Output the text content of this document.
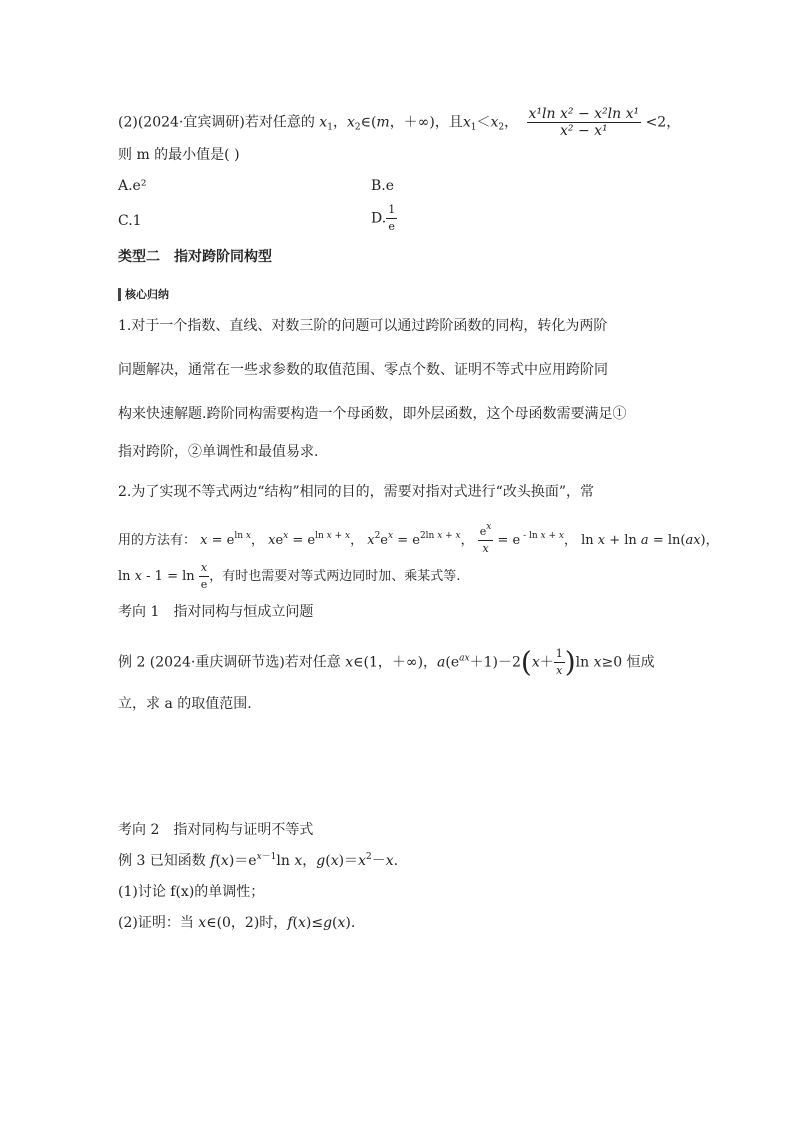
(2)(2024·宜宾调研)若对任意的 $x_1$，$x_2\in(m$，＋∞)，且$x_1<x_2$， $\frac{\text{x¹ln x² − x²ln x¹}}{\text{x² − x¹}} <2$，
则 m 的最小值是( )
A.e²	B.e
C.1	D. $\frac{1}{e}$
类型二　指对跨阶同构型
核心归纳
1.对于一个指数、直线、对数三阶的问题可以通过跨阶函数的同构，转化为两阶
问题解决，通常在一些求参数的取值范围、零点个数、证明不等式中应用跨阶同
构来快速解题.跨阶同构需要构造一个母函数，即外层函数，这个母函数需要满足①
指对跨阶，②单调性和最值易求.
2.为了实现不等式两边“结构”相同的目的，需要对指对式进行“改头换面”，常
用的方法有： $x = e^{ln x}$， $xe^x = e^{ln x + x}$， $x^2e^x = e^{2ln x + x}$， $\frac{e^x}{x} = e$ $^{- ln x + x}$， ln x + ln a = ln(ax)，
$\ln x - 1 = \ln \frac{x}{e}$ ，有时也需要对等式两边同时加、乘某式等.
考向 1　指对同构与恒成立问题
例 2 (2024·重庆调研节选)若对任意 x∈(1，＋∞)，$a(e^{ax}+1)-2(x+ \frac{1}{x} )\ln$ x≥0 恒成
立，求 a 的取值范围.
考向 2　指对同构与证明不等式
例 3 已知函数 $f(x)=e^{x-1}\ln$ x，$g(x)=x^2-x$.
(1)讨论 f(x)的单调性；
(2)证明：当 x∈(0，2)时，f(x)≤g(x).
